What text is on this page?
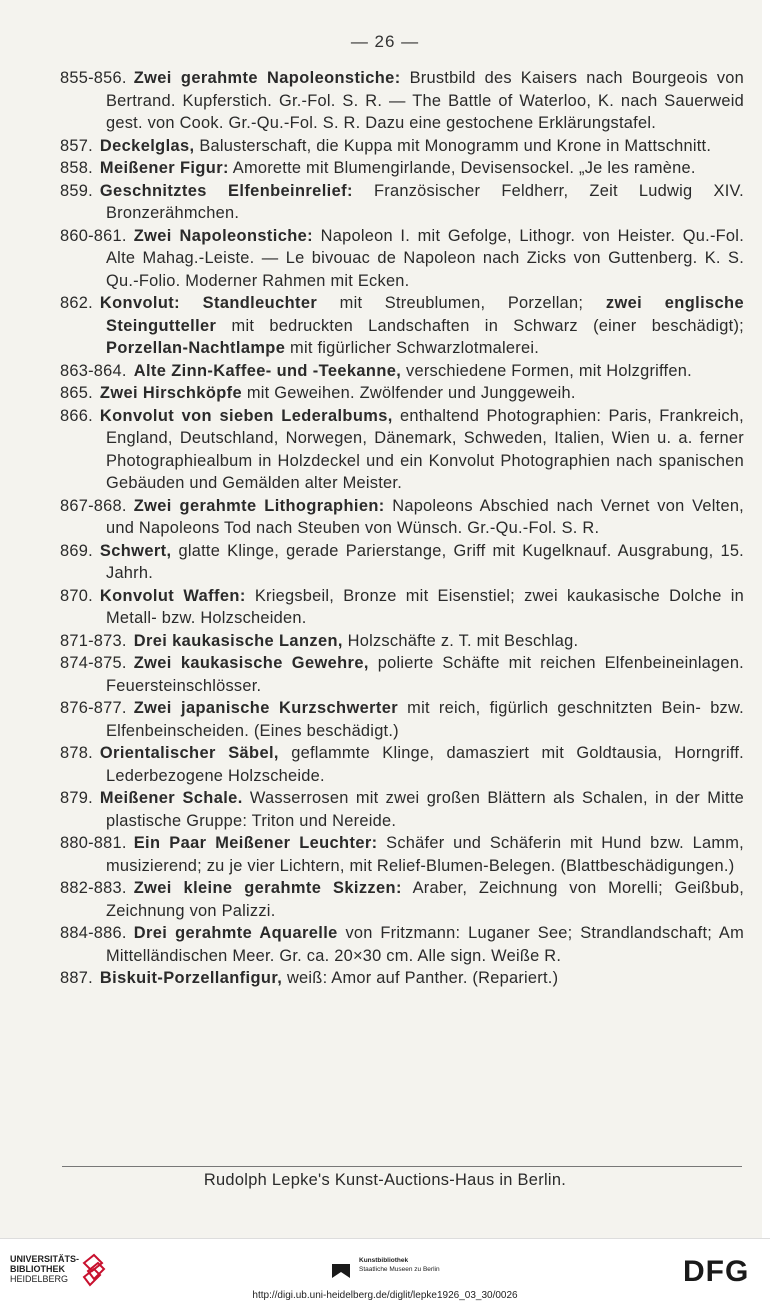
— 26 —
855-856. Zwei gerahmte Napoleonstiche: Brustbild des Kaisers nach Bourgeois von Bertrand. Kupferstich. Gr.-Fol. S. R. — The Battle of Waterloo, K. nach Sauerweid gest. von Cook. Gr.-Qu.-Fol. S. R. Dazu eine gestochene Erklärungstafel.
857. Deckelglas, Balusterschaft, die Kuppa mit Monogramm und Krone in Mattschnitt.
858. Meißener Figur: Amorette mit Blumengirlande, Devisensockel. „Je les ramène.
859. Geschnitztes Elfenbeinrelief: Französischer Feldherr, Zeit Ludwig XIV. Bronzerähmchen.
860-861. Zwei Napoleonstiche: Napoleon I. mit Gefolge, Lithogr. von Heister. Qu.-Fol. Alte Mahag.-Leiste. — Le bivouac de Napoleon nach Zicks von Guttenberg. K. S. Qu.-Folio. Moderner Rahmen mit Ecken.
862. Konvolut: Standleuchter mit Streublumen, Porzellan; zwei englische Steingutteller mit bedruckten Landschaften in Schwarz (einer beschädigt); Porzellan-Nachtlampe mit figürlicher Schwarzlotmalerei.
863-864. Alte Zinn-Kaffee- und -Teekanne, verschiedene Formen, mit Holzgriffen.
865. Zwei Hirschköpfe mit Geweihen. Zwölfender und Junggeweih.
866. Konvolut von sieben Lederalbums, enthaltend Photographien: Paris, Frankreich, England, Deutschland, Norwegen, Dänemark, Schweden, Italien, Wien u. a. ferner Photographiealbum in Holzdeckel und ein Konvolut Photographien nach spanischen Gebäuden und Gemälden alter Meister.
867-868. Zwei gerahmte Lithographien: Napoleons Abschied nach Vernet von Velten, und Napoleons Tod nach Steuben von Wünsch. Gr.-Qu.-Fol. S. R.
869. Schwert, glatte Klinge, gerade Parierstange, Griff mit Kugelknauf. Ausgrabung, 15. Jahrh.
870. Konvolut Waffen: Kriegsbeil, Bronze mit Eisenstiel; zwei kaukasische Dolche in Metall- bzw. Holzscheiden.
871-873. Drei kaukasische Lanzen, Holzschäfte z. T. mit Beschlag.
874-875. Zwei kaukasische Gewehre, polierte Schäfte mit reichen Elfenbeineinlagen. Feuersteinschlösser.
876-877. Zwei japanische Kurzschwerter mit reich, figürlich geschnitzten Bein- bzw. Elfenbeinscheiden. (Eines beschädigt.)
878. Orientalischer Säbel, geflammte Klinge, damasziert mit Goldtausia, Horngriff. Lederbezogene Holzscheide.
879. Meißener Schale. Wasserrosen mit zwei großen Blättern als Schalen, in der Mitte plastische Gruppe: Triton und Nereide.
880-881. Ein Paar Meißener Leuchter: Schäfer und Schäferin mit Hund bzw. Lamm, musizierend; zu je vier Lichtern, mit Relief-Blumen-Belegen. (Blattbeschädigungen.)
882-883. Zwei kleine gerahmte Skizzen: Araber, Zeichnung von Morelli; Geißbub, Zeichnung von Palizzi.
884-886. Drei gerahmte Aquarelle von Fritzmann: Luganer See; Strandlandschaft; Am Mittelländischen Meer. Gr. ca. 20×30 cm. Alle sign. Weiße R.
887. Biskuit-Porzellanfigur, weiß: Amor auf Panther. (Repariert.)
Rudolph Lepke's Kunst-Auctions-Haus in Berlin.
UNIVERSITÄTS-
BIBLIOTHEK
HEIDELBERG
Kunstbibliothek
Staatliche Museen zu Berlin	DFG
http://digi.ub.uni-heidelberg.de/diglit/lepke1926_03_30/0026
